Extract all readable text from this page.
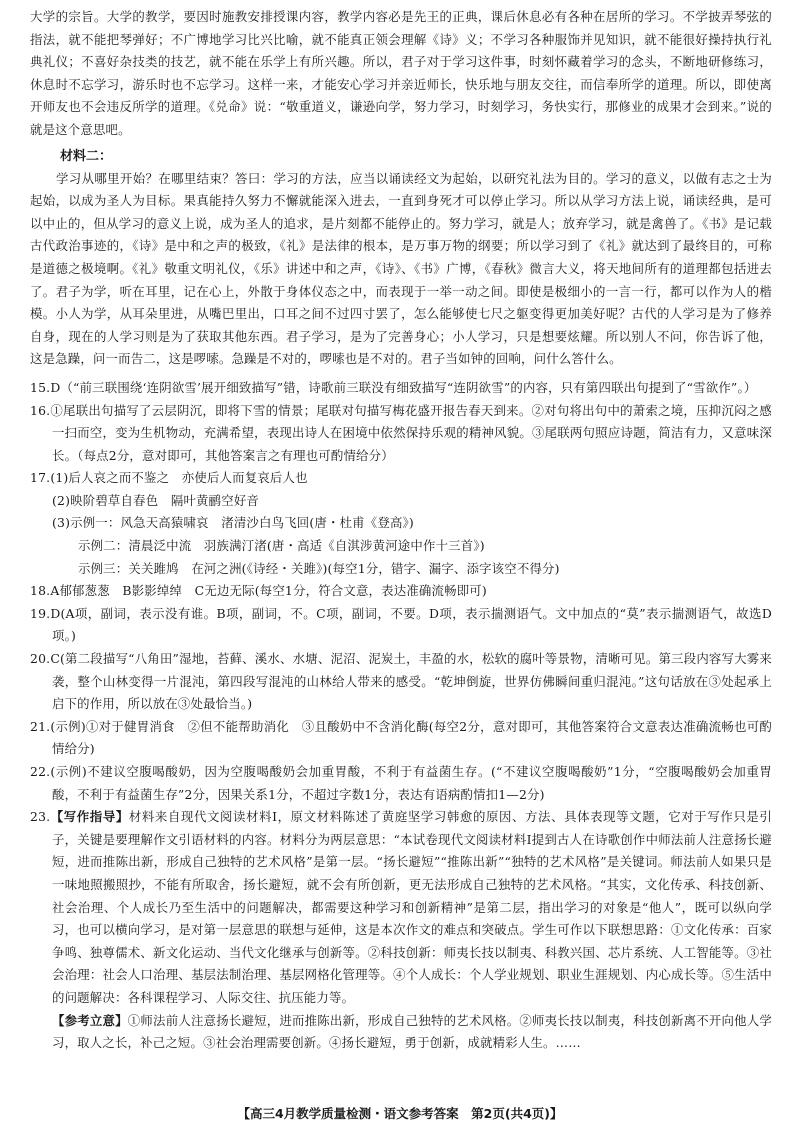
大学的宗旨。大学的教学，要因时施教安排授课内容，教学内容必是先王的正典，课后休息必有各种在居所的学习。不学披弄琴弦的指法，就不能把琴弹好；不广博地学习比兴比喻，就不能真正领会理解《诗》义；不学习各种服饰并见知识，就不能很好操持执行礼典礼仪；不喜好杂技类的技艺，就不能在乐学上有所兴趣。所以，君子对于学习这件事，时刻怀藏着学习的念头，不断地研修练习，休息时不忘学习，游乐时也不忘学习。这样一来，才能安心学习并亲近师长，快乐地与朋友交往，而信奉所学的道理。所以，即使离开师友也不会违反所学的道理。《兑命》说：“敬重道义，谦逊向学，努力学习，时刻学习，务快实行，那修业的成果才会到来。”说的就是这个意思吧。

材料二：

学习从哪里开始？在哪里结束？答曰：学习的方法，应当以诵读经文为起始，以研究礼法为目的。学习的意义，以做有志之士为起始，以成为圣人为目标。果真能持久努力不懈就能深入进去，一直到身死才可以停止学习。所以从学习方法上说，诵读经典，是可以中止的，但从学习的意义上说，成为圣人的追求，是片刻都不能停止的。努力学习，就是人；放弃学习，就是禽兽了。《书》是记载古代政治事迹的，《诗》是中和之声的极致，《礼》是法律的根本，是万事万物的纲要；所以学习到了《礼》就达到了最终目的，可称是道德之极境啊。《礼》敬重文明礼仪，《乐》讲述中和之声，《诗》、《书》广博，《春秋》微言大义，将天地间所有的道理都包括进去了。君子为学，听在耳里，记在心上，外散于身体仪态之中，而表现于一举一动之间。即使是极细小的一言一行，都可以作为人的楷模。小人为学，从耳朵里进，从嘴巴里出，口耳之间不过四寸罢了，怎么能够使七尺之躯变得更加美好呢？古代的人学习是为了修养自身，现在的人学习则是为了获取其他东西。君子学习，是为了完善身心；小人学习，只是想要炫耀。所以别人不问，你告诉了他，这是急躁，问一而告二，这是啰嗦。急躁是不对的，啰嗦也是不对的。君子当如钟的回响，问什么答什么。

15.D（“前三联围绕‘连阴欲雪’展开细致描写”错，诗歌前三联没有细致描写“连阴欲雪”的内容，只有第四联出句提到了“雪欲作”。）

16.①尾联出句描写了云层阴沉，即将下雪的情景；尾联对句描写梅花盛开报告春天到来。②对句将出句中的萧索之境，压抑沉闷之感一扫而空，变为生机物动，充满希望，表现出诗人在困境中依然保持乐观的精神风貌。③尾联两句照应诗题，简洁有力，又意味深长。（每点2分，意对即可，其他答案言之有理也可酌情给分）

17.(1)后人哀之而不鉴之　亦使后人而复哀后人也

(2)映阶碧草自春色　隔叶黄鹂空好音

(3)示例一：风急天高猿啸哀　渚清沙白鸟飞回(唐・杜甫《登高》)

示例二：清晨泛中流　羽族满汀渚(唐・高适《自淇涉黄河途中作十三首》)

示例三：关关雎鸠　在河之洲(《诗经・关雎》)(每空1分，错字、漏字、添字该空不得分)

18.A郁郁葱葱　B影影绰绰　C无边无际(每空1分，符合文意，表达准确流畅即可)

19.D(A项，副词，表示没有谁。B项，副词，不。C项，副词，不要。D项，表示揣测语气。文中加点的“莫”表示揣测语气，故选D项。)

20.C(第二段描写“八角田”湿地，苔藓、溪水、水塘、泥沼、泥炭土，丰盈的水，松软的腐叶等景物，清晰可见。第三段内容写大雾来袭，整个山林变得一片混沌，第四段写混沌的山林给人带来的感受。“乾坤倒旋，世界仿佛瞬间重归混沌。”这句话放在③处起承上启下的作用，所以放在③处最恰当。)

21.(示例)①对于健胃消食　②但不能帮助消化　③且酸奶中不含消化酶(每空2分，意对即可，其他答案符合文意表达准确流畅也可酌情给分)

22.(示例)不建议空腹喝酸奶，因为空腹喝酸奶会加重胃酸，不利于有益菌生存。(“不建议空腹喝酸奶”1分，“空腹喝酸奶会加重胃酸，不利于有益菌生存”2分，因果关系1分，不超过字数1分，表达有语病酌情扣1—2分)

23.【写作指导】材料来自现代文阅读材料Ⅰ，原文材料陈述了黄庭坚学习韩愈的原因、方法、具体表现等文题，它对于写作只是引子，关键是要理解作文引语材料的内容。材料分为两层意思：“本试卷现代文阅读材料Ⅰ提到古人在诗歌创作中师法前人注意扬长避短，进而推陈出新，形成自己独特的艺术风格”是第一层。“扬长避短”“推陈出新”“独特的艺术风格”是关键词。师法前人如果只是一味地照搬照抄，不能有所取舍，扬长避短，就不会有所创新，更无法形成自己独特的艺术风格。“其实，文化传承、科技创新、社会治理、个人成长乃至生活中的问题解决，都需要这种学习和创新精神”是第二层，指出学习的对象是“他人”，既可以纵向学习，也可以横向学习，是对第一层意思的联想与延伸，这是本次作文的难点和突破点。学生可作以下联想思路：①文化传承：百家争鸣、独尊儒术、新文化运动、当代文化继承与创新等。②科技创新：师夷长技以制夷、科教兴国、芯片系统、人工智能等。③社会治理：社会人口治理、基层法制治理、基层网格化管理等。④个人成长：个人学业规划、职业生涯规划、内心成长等。⑤生活中的问题解决：各科课程学习、人际交往、抗压能力等。

【参考立意】①师法前人注意扬长避短，进而推陈出新，形成自己独特的艺术风格。②师夷长技以制夷，科技创新离不开向他人学习，取人之长，补己之短。③社会治理需要创新。④扬长避短，勇于创新，成就精彩人生。……

【高三4月教学质量检测・语文参考答案　第2页(共4页)】
